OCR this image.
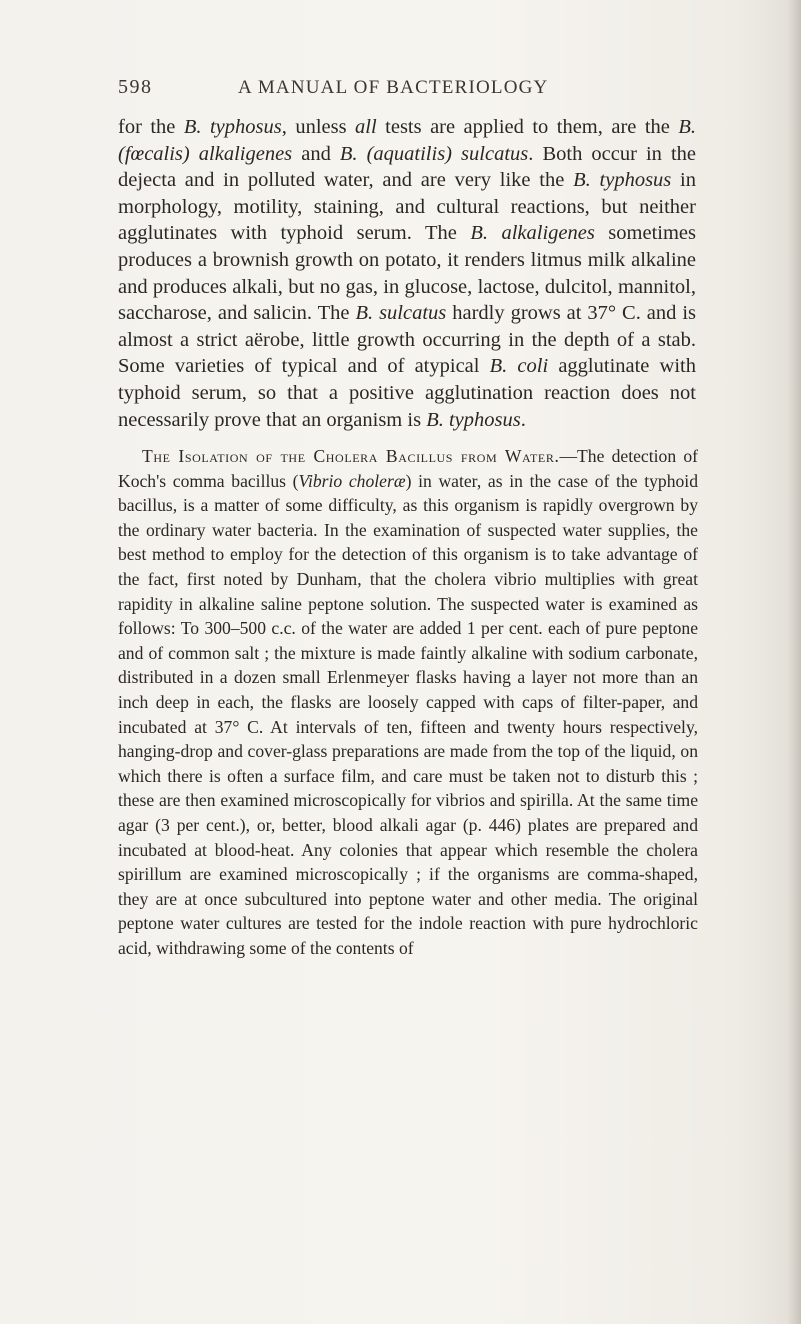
598	A MANUAL OF BACTERIOLOGY

for the B. typhosus, unless all tests are applied to them, are the B. (fœcalis) alkaligenes and B. (aquatilis) sulcatus. Both occur in the dejecta and in polluted water, and are very like the B. typhosus in morphology, motility, staining, and cultural reactions, but neither agglutinates with typhoid serum. The B. alkaligenes sometimes produces a brownish growth on potato, it renders litmus milk alkaline and produces alkali, but no gas, in glucose, lactose, dulcitol, mannitol, saccharose, and salicin. The B. sulcatus hardly grows at 37° C. and is almost a strict aërobe, little growth occurring in the depth of a stab. Some varieties of typical and of atypical B. coli agglutinate with typhoid serum, so that a positive agglutination reaction does not necessarily prove that an organism is B. typhosus.

The Isolation of the Cholera Bacillus from Water.—The detection of Koch's comma bacillus (Vibrio choleræ) in water, as in the case of the typhoid bacillus, is a matter of some difficulty, as this organism is rapidly overgrown by the ordinary water bacteria. In the examination of suspected water supplies, the best method to employ for the detection of this organism is to take advantage of the fact, first noted by Dunham, that the cholera vibrio multiplies with great rapidity in alkaline saline peptone solution. The suspected water is examined as follows: To 300–500 c.c. of the water are added 1 per cent. each of pure peptone and of common salt ; the mixture is made faintly alkaline with sodium carbonate, distributed in a dozen small Erlenmeyer flasks having a layer not more than an inch deep in each, the flasks are loosely capped with caps of filter-paper, and incubated at 37° C. At intervals of ten, fifteen and twenty hours respectively, hanging-drop and cover-glass preparations are made from the top of the liquid, on which there is often a surface film, and care must be taken not to disturb this ; these are then examined microscopically for vibrios and spirilla. At the same time agar (3 per cent.), or, better, blood alkali agar (p. 446) plates are prepared and incubated at blood-heat. Any colonies that appear which resemble the cholera spirillum are examined microscopically ; if the organisms are comma-shaped, they are at once subcultured into peptone water and other media. The original peptone water cultures are tested for the indole reaction with pure hydrochloric acid, withdrawing some of the contents of
